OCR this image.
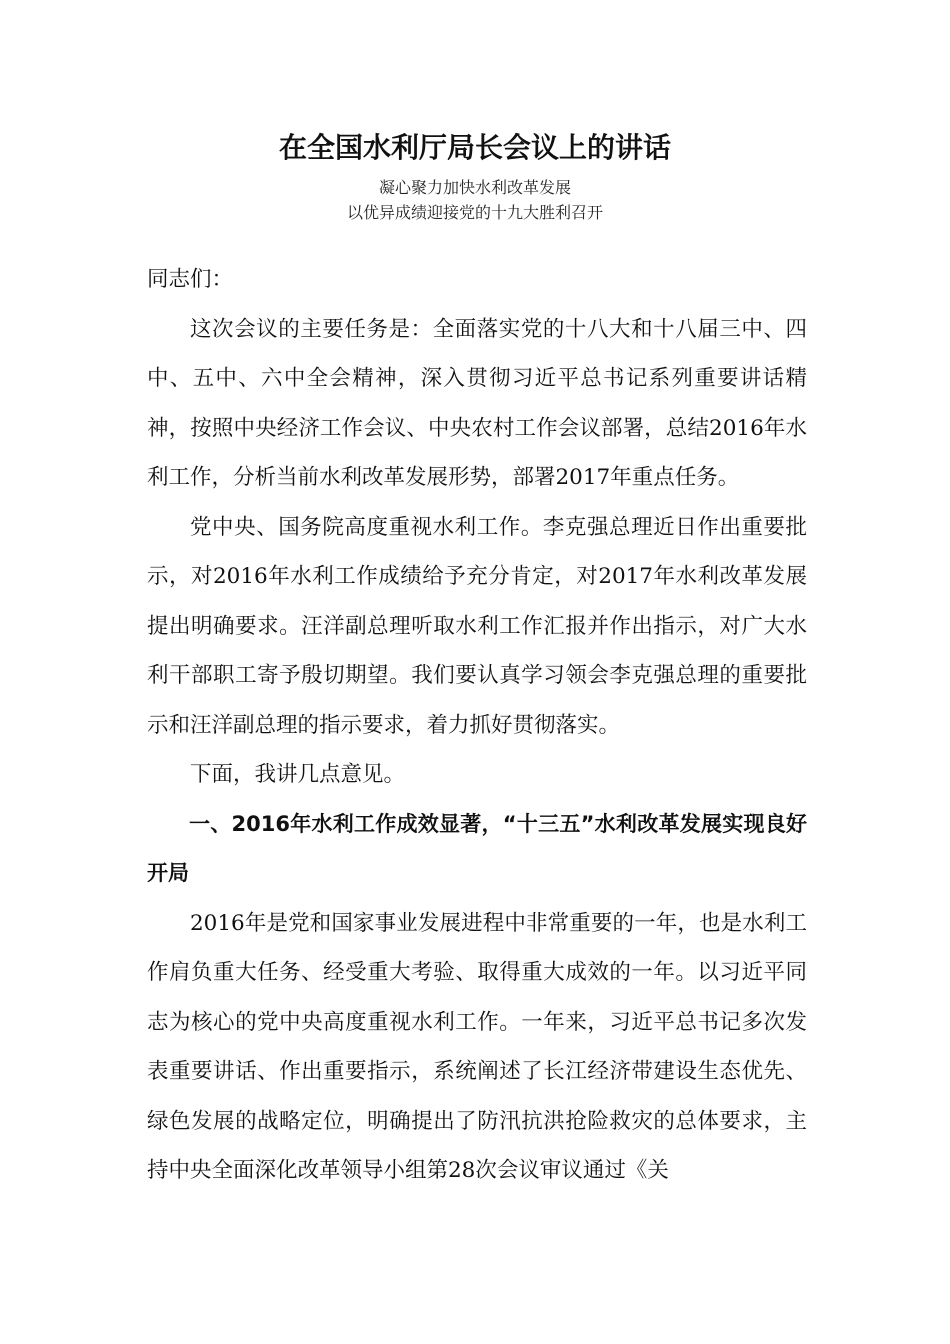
在全国水利厅局长会议上的讲话
凝心聚力加快水利改革发展
以优异成绩迎接党的十九大胜利召开

同志们：

这次会议的主要任务是：全面落实党的十八大和十八届三中、四中、五中、六中全会精神，深入贯彻习近平总书记系列重要讲话精神，按照中央经济工作会议、中央农村工作会议部署，总结2016年水利工作，分析当前水利改革发展形势，部署2017年重点任务。

党中央、国务院高度重视水利工作。李克强总理近日作出重要批示，对2016年水利工作成绩给予充分肯定，对2017年水利改革发展提出明确要求。汪洋副总理听取水利工作汇报并作出指示，对广大水利干部职工寄予殷切期望。我们要认真学习领会李克强总理的重要批示和汪洋副总理的指示要求，着力抓好贯彻落实。

下面，我讲几点意见。

一、2016年水利工作成效显著，“十三五”水利改革发展实现良好开局

2016年是党和国家事业发展进程中非常重要的一年，也是水利工作肩负重大任务、经受重大考验、取得重大成效的一年。以习近平同志为核心的党中央高度重视水利工作。一年来，习近平总书记多次发表重要讲话、作出重要指示，系统阐述了长江经济带建设生态优先、绿色发展的战略定位，明确提出了防汛抗洪抢险救灾的总体要求，主持中央全面深化改革领导小组第28次会议审议通过《关
